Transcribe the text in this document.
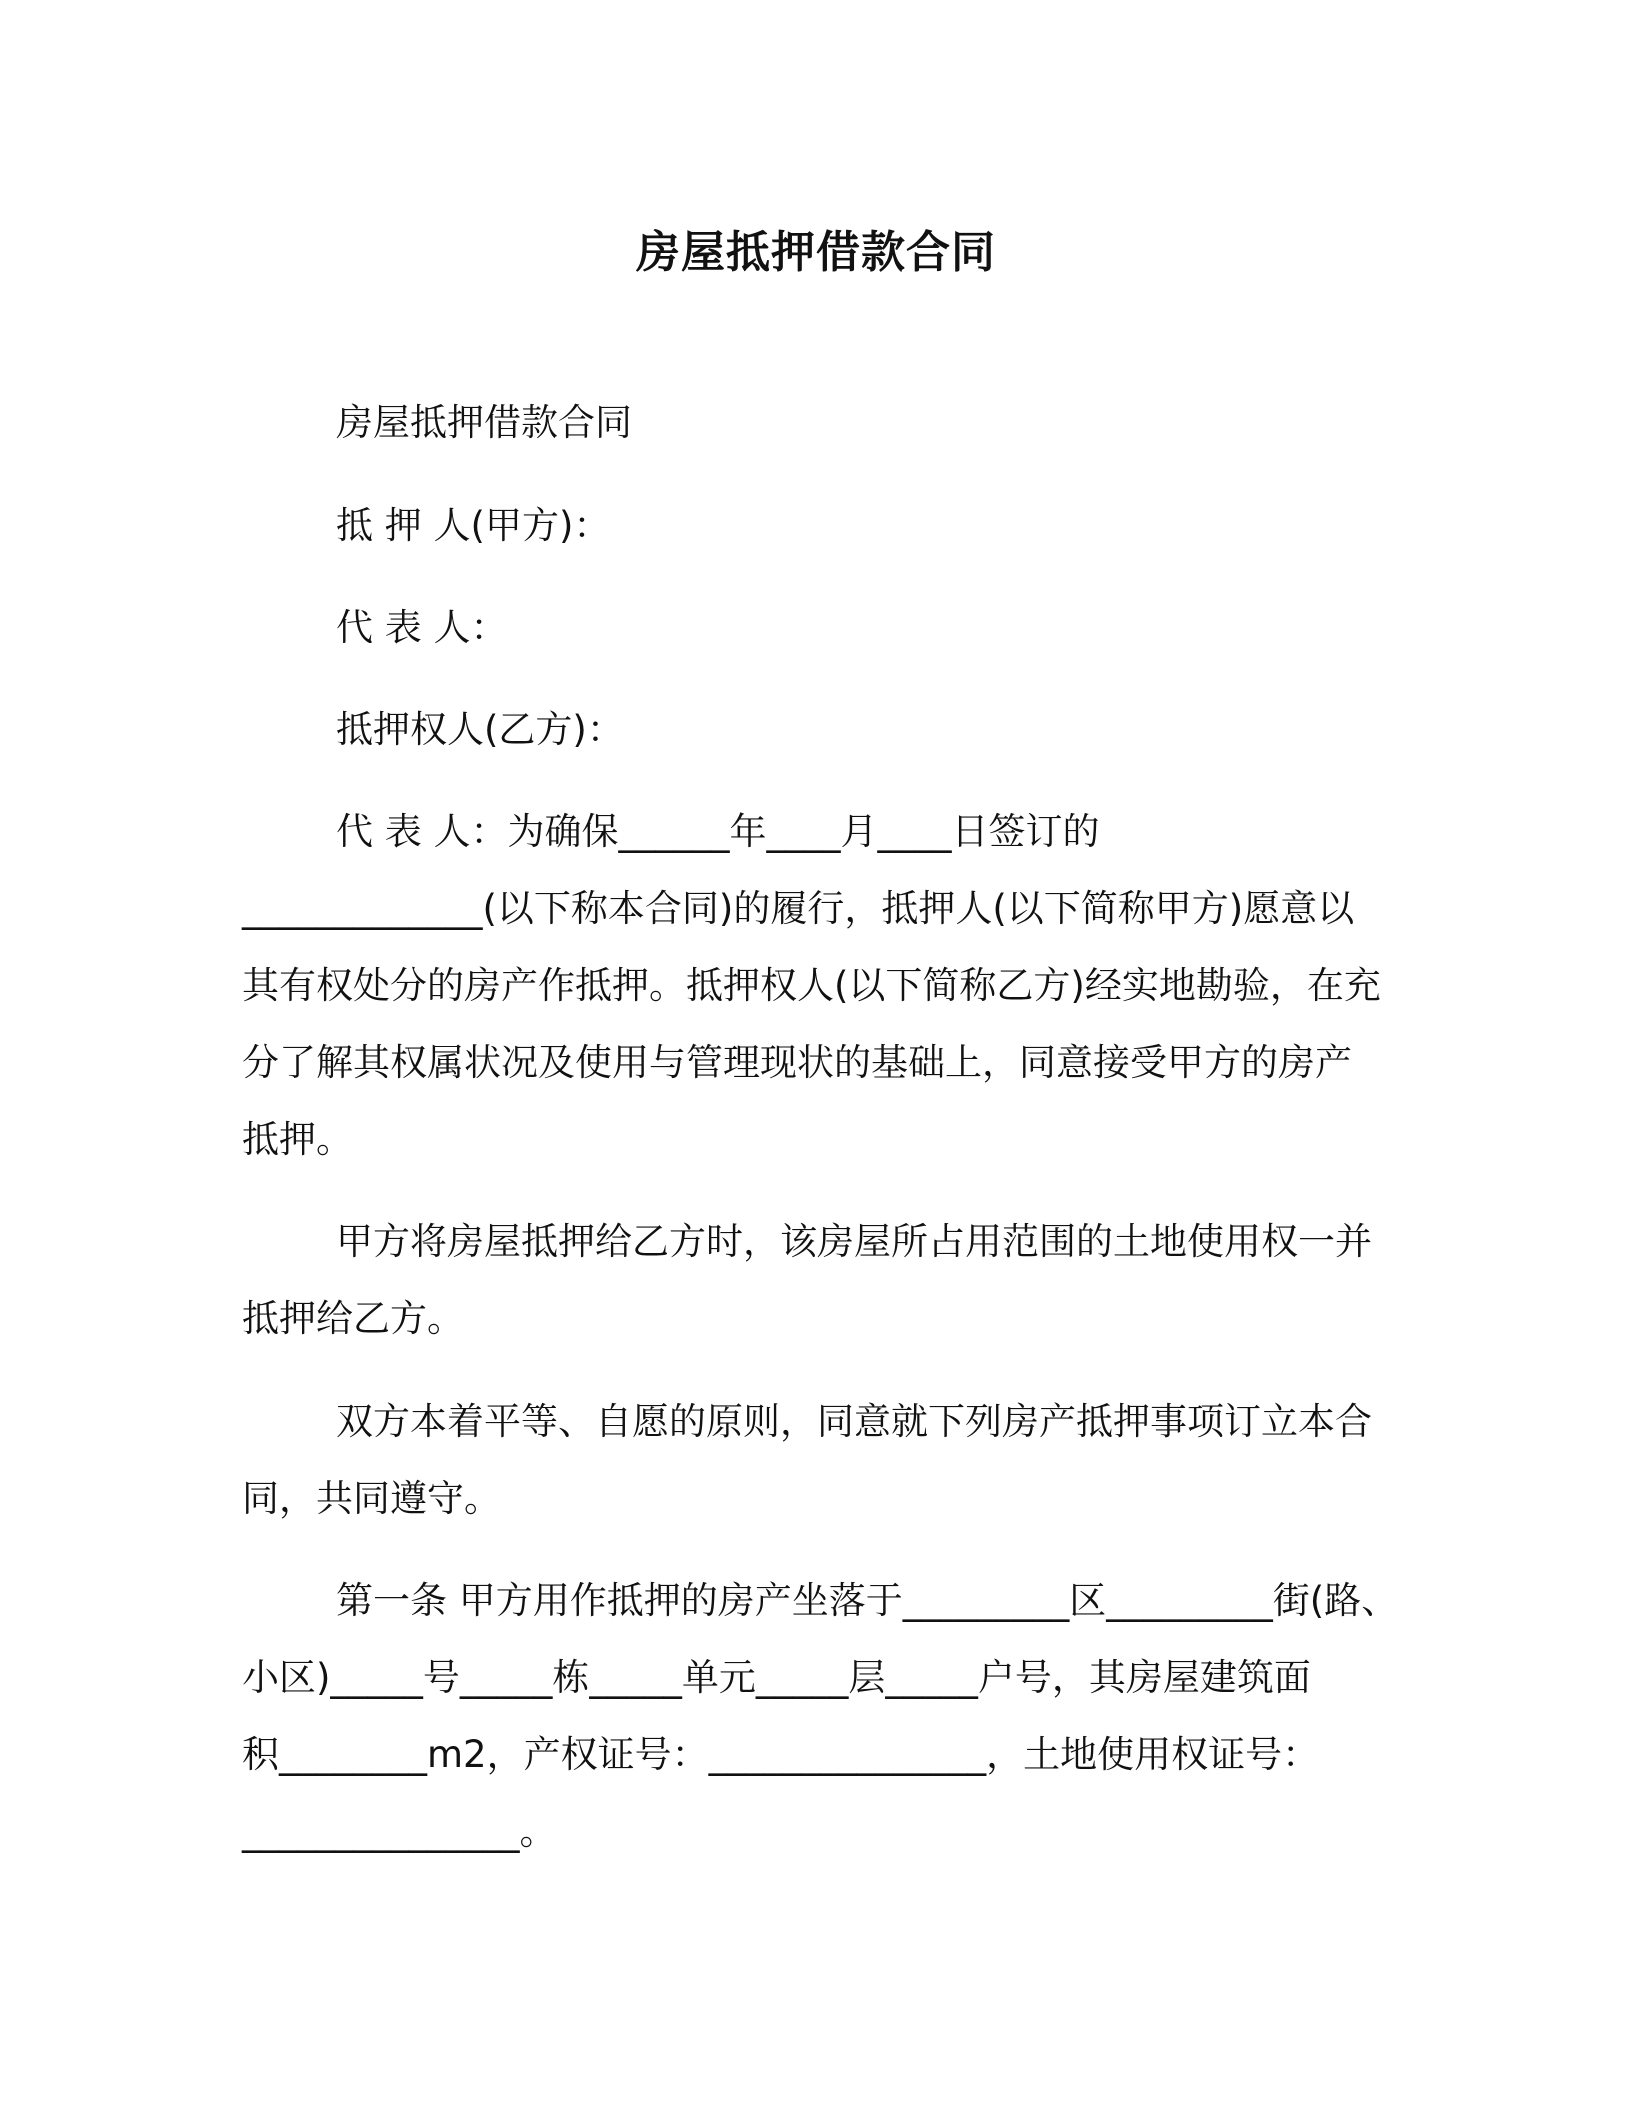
房屋抵押借款合同

房屋抵押借款合同

抵 押 人(甲方)：

代 表 人：

抵押权人(乙方)：

代 表 人：为确保______年____月____日签订的

_____________(以下称本合同)的履行，抵押人(以下简称甲方)愿意以

其有权处分的房产作抵押。抵押权人(以下简称乙方)经实地勘验，在充

分了解其权属状况及使用与管理现状的基础上，同意接受甲方的房产

抵押。

甲方将房屋抵押给乙方时，该房屋所占用范围的土地使用权一并

抵押给乙方。

双方本着平等、自愿的原则，同意就下列房产抵押事项订立本合

同，共同遵守。

第一条 甲方用作抵押的房产坐落于_________区_________街(路、

小区)_____号_____栋_____单元_____层_____户号，其房屋建筑面

积________m2，产权证号：_______________，土地使用权证号：

_______________。
